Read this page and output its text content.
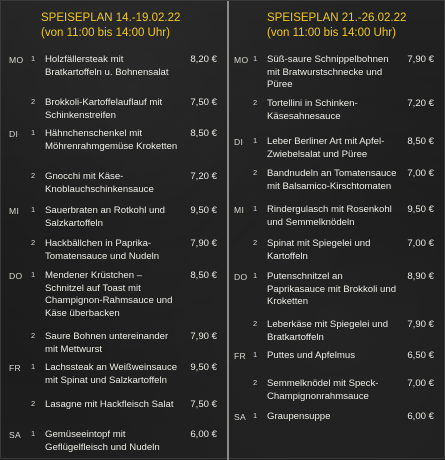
SPEISEPLAN 14.-19.02.22
(von 11:00 bis 14:00 Uhr)
MO 1 Holzfällersteak mit
Bratkartoffeln u. Bohnensalat
8,20 €
2 Brokkoli-Kartoffelauflauf mit
Schinkenstreifen
7,50 €
DI 1 Hähnchenschenkel mit
Möhrenrahmgemüse Kroketten
8,50 €
2 Gnocchi mit Käse-
Knoblauchschinkensauce
7,20 €
MI 1 Sauerbraten an Rotkohl und
Salzkartoffeln
9,50 €
2 Hackbällchen in Paprika-
Tomatensauce und Nudeln
7,90 €
DO 1 Mendener Krüstchen –
Schnitzel auf Toast mit
Champignon-Rahmsauce und
Käse überbacken
8,50 €
2 Saure Bohnen untereinander
mit Mettwurst
7,90 €
FR 1 Lachssteak an Weißweinsauce
mit Spinat und Salzkartoffeln
9,50 €
2 Lasagne mit Hackfleisch Salat	7,50 €
SA 1 Gemüseeintopf mit
Geflügelfleisch und Nudeln
6,00 €
SPEISEPLAN 21.-26.02.22
(von 11:00 bis 14:00 Uhr)
MO 1 Süß-saure Schnippelbohnen
mit Bratwurstschnecke und
Püree
7,90 €
2 Tortellini in Schinken-
Käsesahnesauce
7,20 €
DI 1 Leber Berliner Art mit Apfel-
Zwiebelsalat und Püree
8,50 €
2 Bandnudeln an Tomatensauce
mit Balsamico-Kirschtomaten
7,00 €
MI 1 Rindergulasch mit Rosenkohl
und Semmelknödeln
9,50 €
2 Spinat mit Spiegelei und
Kartoffeln
7,00 €
DO 1 Putenschnitzel an
Paprikasauce mit Brokkoli und
Kroketten
8,90 €
2 Leberkäse mit Spiegelei und
Bratkartoffeln
7,90 €
FR 1 Puttes und Apfelmus	6,50 €
2 Semmelknödel mit Speck-
Champignonrahmsauce
7,00 €
SA 1 Graupensuppe	6,00 €
